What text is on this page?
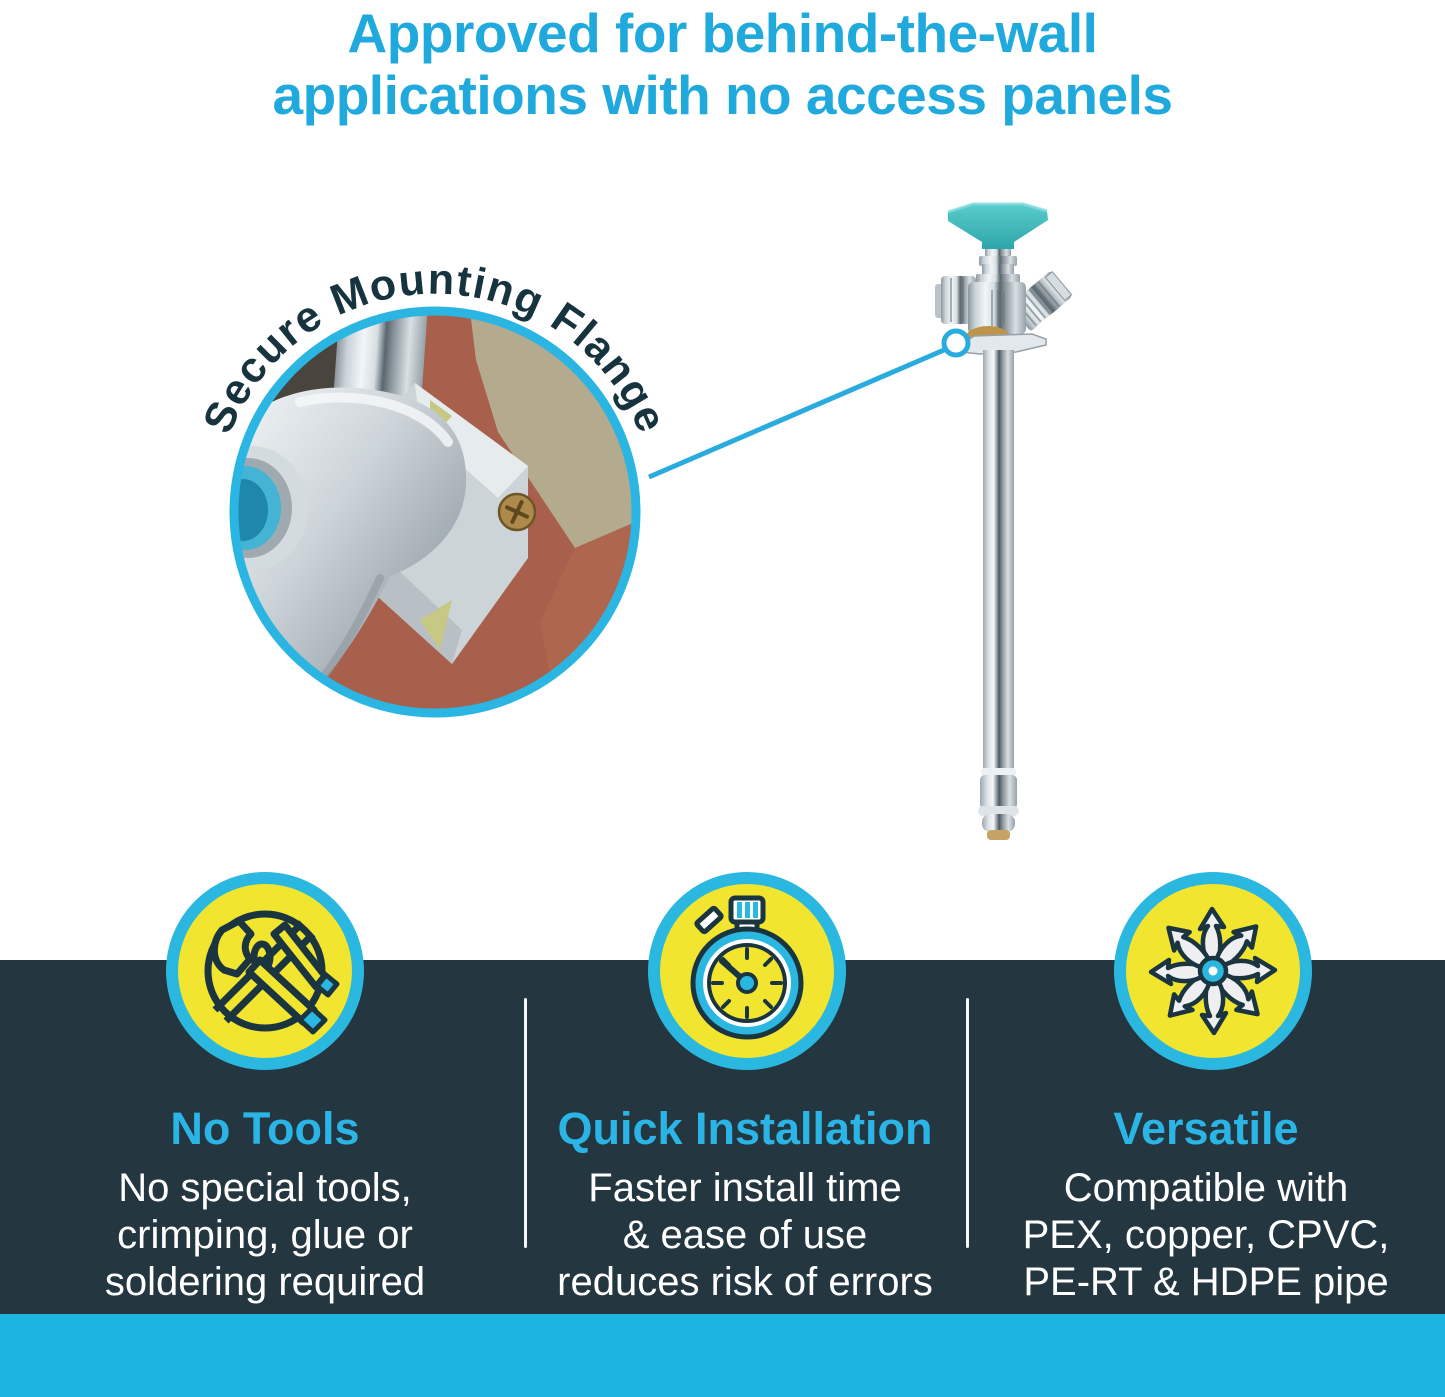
Approved for behind-the-wall
applications with no access panels
Secure Mounting Flange
No Tools

No special tools,

crimping, glue or

soldering required

Quick Installation

Faster install time

& ease of use

reduces risk of errors

Versatile

Compatible with

PEX, copper, CPVC,

PE-RT & HDPE pipe
